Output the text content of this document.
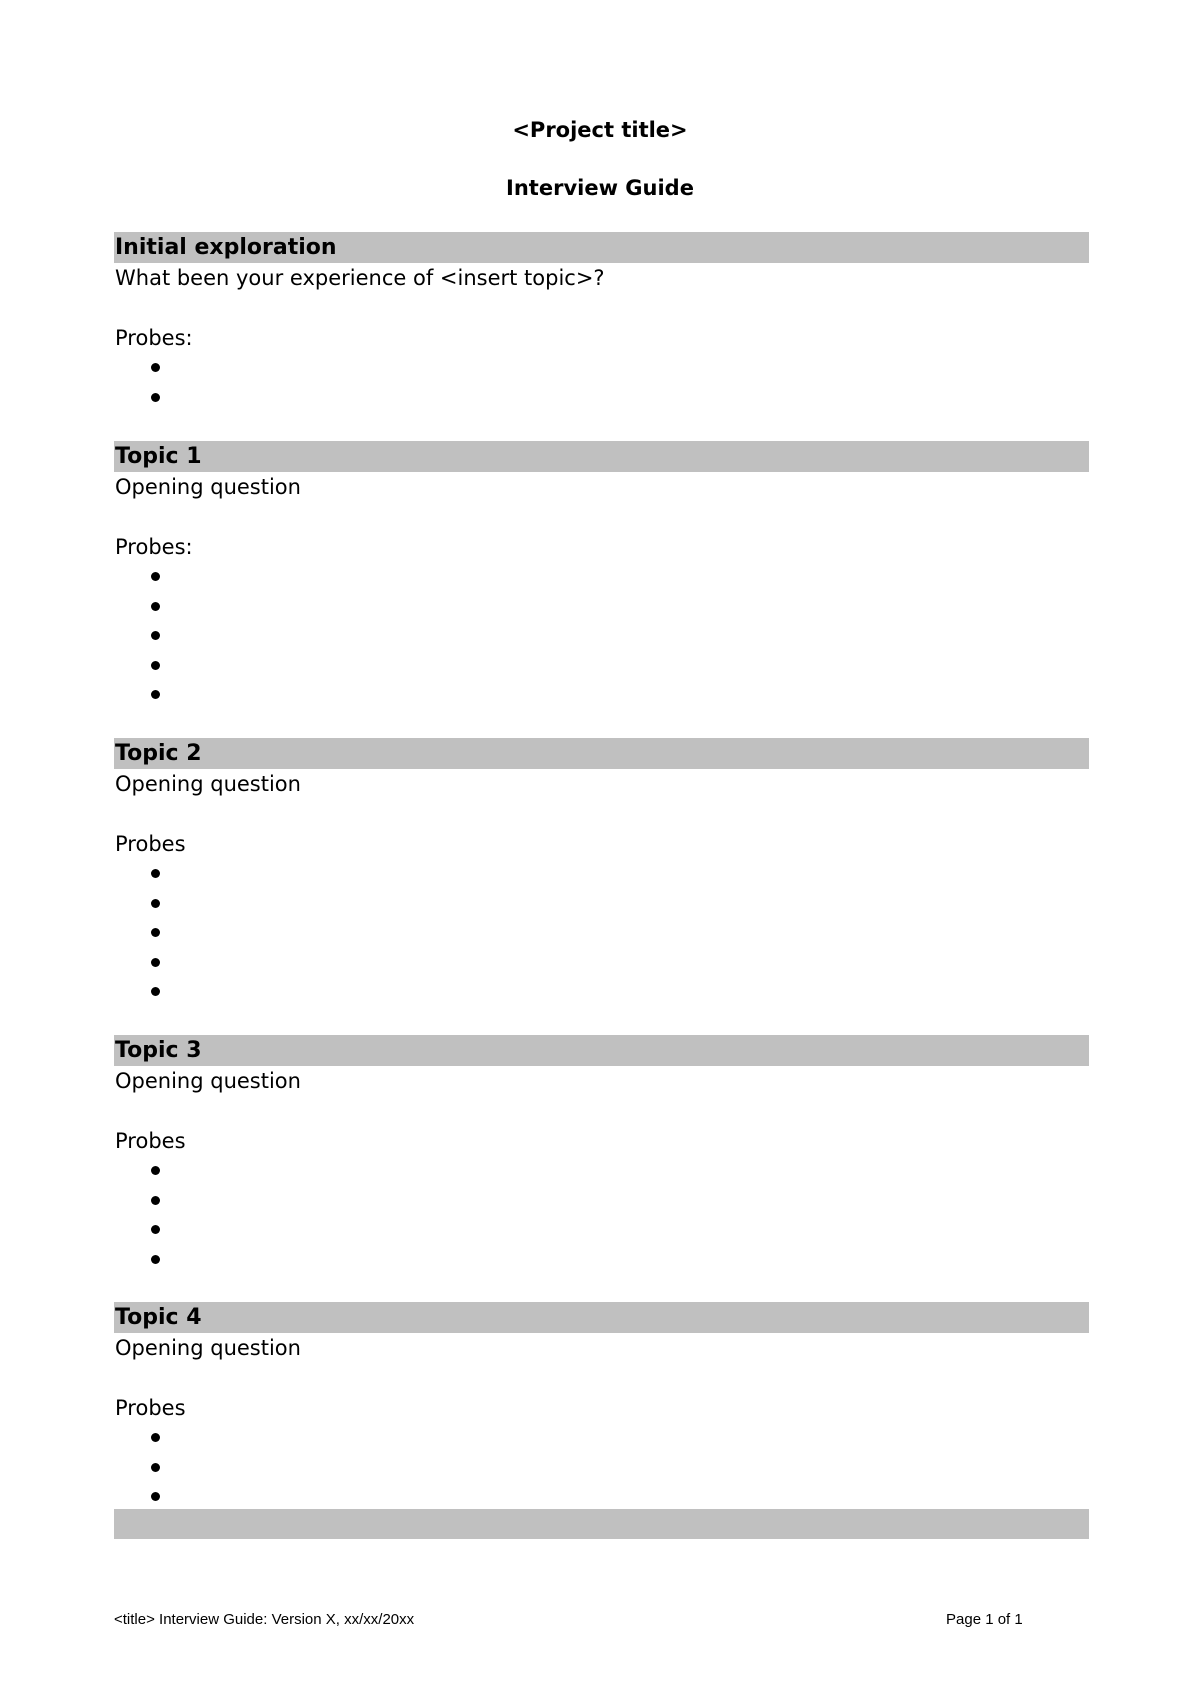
<Project title>
Interview Guide
Initial exploration
What been your experience of <insert topic>?
Probes:
Topic 1
Opening question
Probes:
Topic 2
Opening question
Probes
Topic 3
Opening question
Probes
Topic 4
Opening question
Probes
<title> Interview Guide: Version X, xx/xx/20xx	Page 1 of 1
